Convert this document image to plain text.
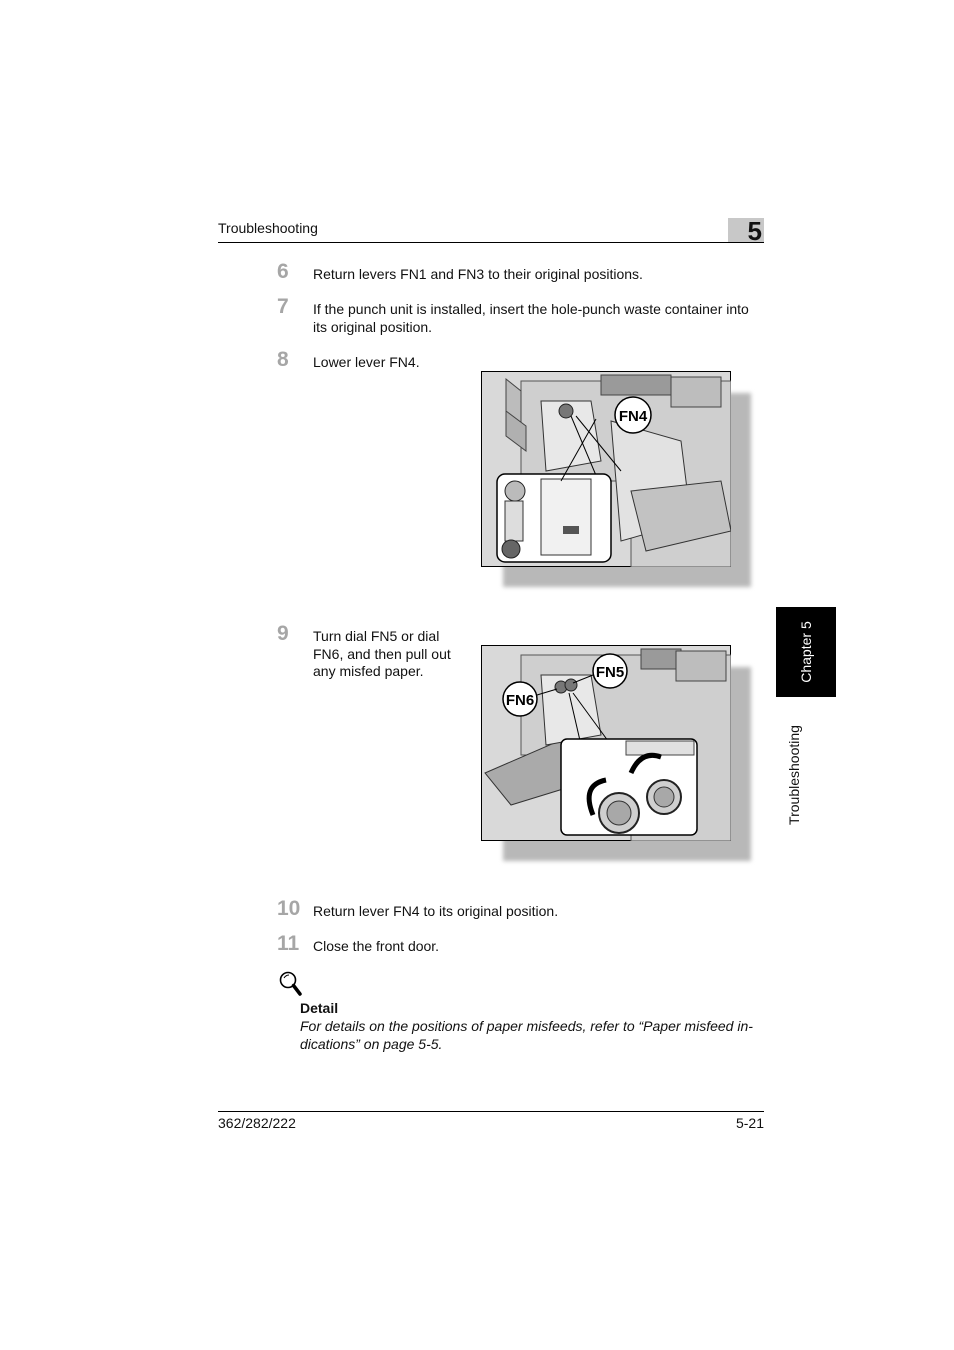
Troubleshooting	5
6 Return levers FN1 and FN3 to their original positions.
7 If the punch unit is installed, insert the hole-punch waste container into its original position.
8 Lower lever FN4.
FN4
9 Turn dial FN5 or dial FN6, and then pull out any misfed paper.	FN5
FN6
10 Return lever FN4 to its original position.
11 Close the front door.
Detail
For details on the positions of paper misfeeds, refer to “Paper misfeed in-dications” on page 5-5.
Chapter 5
Troubleshooting
362/282/222	5-21
